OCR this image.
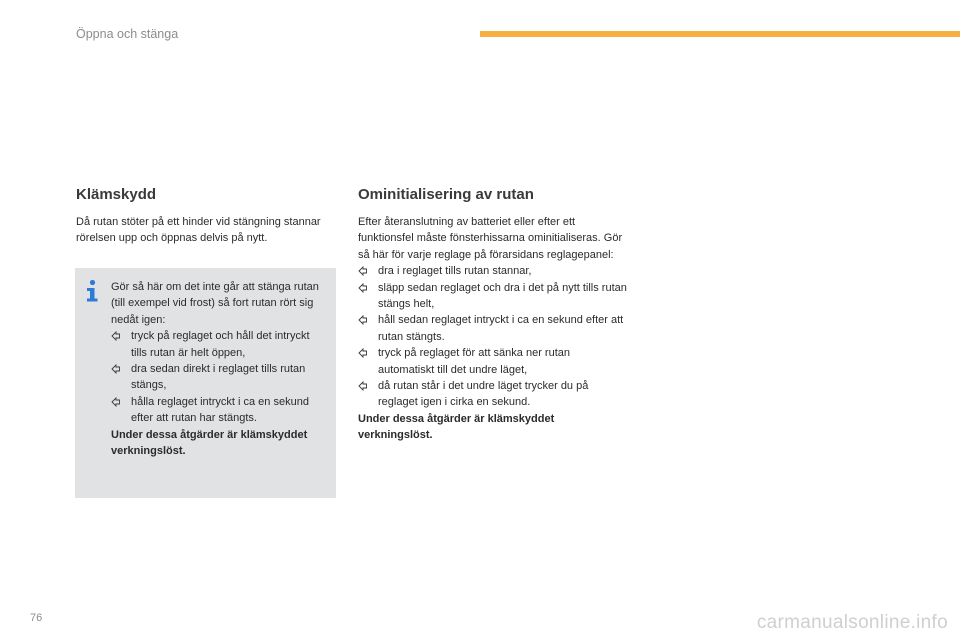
Öppna och stänga
Klämskydd

Då rutan stöter på ett hinder vid stängning stannar rörelsen upp och öppnas delvis på nytt.

Gör så här om det inte går att stänga rutan (till exempel vid frost) så fort rutan rört sig nedåt igen:

tryck på reglaget och håll det intryckt tills rutan är helt öppen,
dra sedan direkt i reglaget tills rutan stängs,
hålla reglaget intryckt i ca en sekund efter att rutan har stängts.

Under dessa åtgärder är klämskyddet verkningslöst.

Ominitialisering av rutan

Efter återanslutning av batteriet eller efter ett funktionsfel måste fönsterhissarna ominitialiseras. Gör så här för varje reglage på förarsidans reglagepanel:

dra i reglaget tills rutan stannar,
släpp sedan reglaget och dra i det på nytt tills rutan stängs helt,
håll sedan reglaget intryckt i ca en sekund efter att rutan stängts.
tryck på reglaget för att sänka ner rutan automatiskt till det undre läget,
då rutan står i det undre läget trycker du på reglaget igen i cirka en sekund.

Under dessa åtgärder är klämskyddet verkningslöst.

76	carmanualsonline.info
